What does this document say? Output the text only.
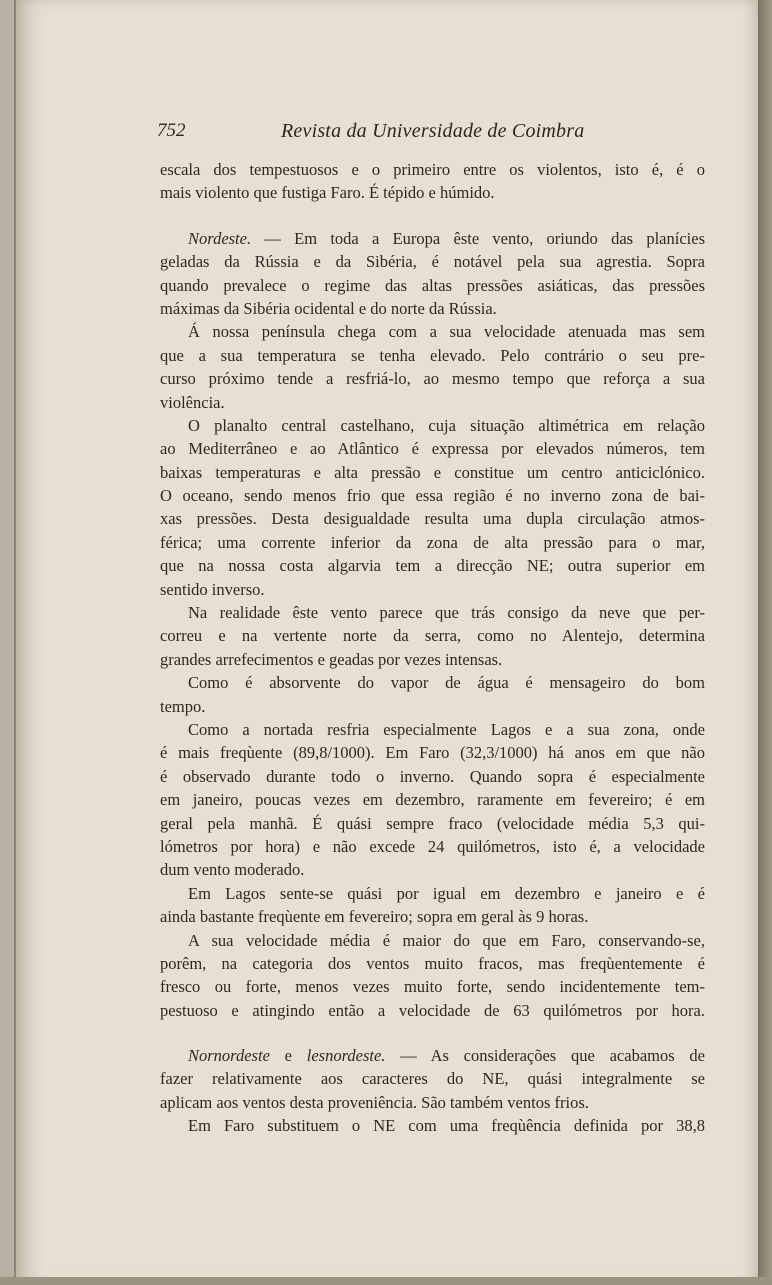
752	Revista da Universidade de Coimbra
escala dos tempestuosos e o primeiro entre os violentos, isto é, é o
mais violento que fustiga Faro. É tépido e húmido.
Nordeste. — Em toda a Europa êste vento, oriundo das planícies
geladas da Rússia e da Sibéria, é notável pela sua agrestia. Sopra
quando prevalece o regime das altas pressões asiáticas, das pressões
máximas da Sibéria ocidental e do norte da Rússia.
Á nossa península chega com a sua velocidade atenuada mas sem
que a sua temperatura se tenha elevado. Pelo contrário o seu pre-
curso próximo tende a resfriá-lo, ao mesmo tempo que reforça a sua
violência.
O planalto central castelhano, cuja situação altimétrica em relação
ao Mediterrâneo e ao Atlântico é expressa por elevados números, tem
baixas temperaturas e alta pressão e constitue um centro anticiclónico.
O oceano, sendo menos frio que essa região é no inverno zona de bai-
xas pressões. Desta desigualdade resulta uma dupla circulação atmos-
férica; uma corrente inferior da zona de alta pressão para o mar,
que na nossa costa algarvia tem a direcção NE; outra superior em
sentido inverso.
Na realidade êste vento parece que trás consigo da neve que per-
correu e na vertente norte da serra, como no Alentejo, determina
grandes arrefecimentos e geadas por vezes intensas.
Como é absorvente do vapor de água é mensageiro do bom
tempo.
Como a nortada resfria especialmente Lagos e a sua zona, onde
é mais freqùente (89,8/1000). Em Faro (32,3/1000) há anos em que não
é observado durante todo o inverno. Quando sopra é especialmente
em janeiro, poucas vezes em dezembro, raramente em fevereiro; é em
geral pela manhã. É quási sempre fraco (velocidade média 5,3 qui-
lómetros por hora) e não excede 24 quilómetros, isto é, a velocidade
dum vento moderado.
Em Lagos sente-se quási por igual em dezembro e janeiro e é
ainda bastante freqùente em fevereiro; sopra em geral às 9 horas.
A sua velocidade média é maior do que em Faro, conservando-se,
porêm, na categoria dos ventos muito fracos, mas freqùentemente é
fresco ou forte, menos vezes muito forte, sendo incidentemente tem-
pestuoso e atingindo então a velocidade de 63 quilómetros por hora.
Nornordeste e lesnordeste. — As considerações que acabamos de
fazer relativamente aos caracteres do NE, quási integralmente se
aplicam aos ventos desta proveniência. São também ventos frios.
Em Faro substituem o NE com uma freqùência definida por 38,8
